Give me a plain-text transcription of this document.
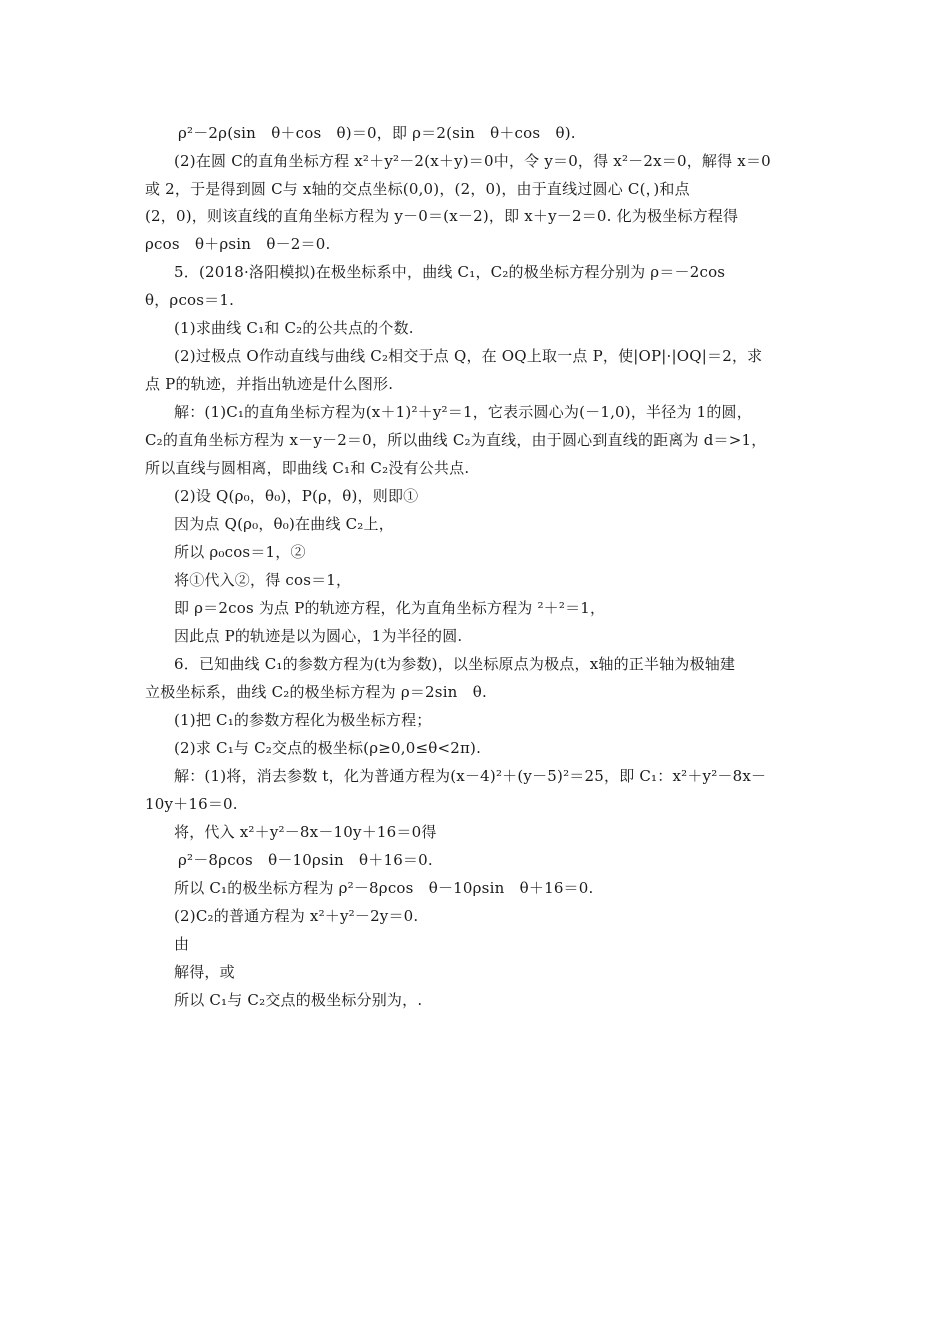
ρ²－2ρ(sin　θ＋cos　θ)＝0，即 ρ＝2(sin　θ＋cos　θ).
(2)在圆 C的直角坐标方程 x²＋y²－2(x＋y)＝0中，令 y＝0，得 x²－2x＝0，解得 x＝0
或 2，于是得到圆 C与 x轴的交点坐标(0,0)，(2，0)，由于直线过圆心 C(，)和点
(2，0)，则该直线的直角坐标方程为 y－0＝(x－2)，即 x＋y－2＝0. 化为极坐标方程得
ρcos　θ＋ρsin　θ－2＝0.
5．(2018·洛阳模拟)在极坐标系中，曲线 C₁，C₂的极坐标方程分别为 ρ＝－2cos
θ，ρcos＝1.
(1)求曲线 C₁和 C₂的公共点的个数.
(2)过极点 O作动直线与曲线 C₂相交于点 Q，在 OQ上取一点 P，使|OP|·|OQ|＝2，求
点 P的轨迹，并指出轨迹是什么图形.
解：(1)C₁的直角坐标方程为(x＋1)²＋y²＝1，它表示圆心为(－1,0)，半径为 1的圆，
C₂的直角坐标方程为 x－y－2＝0，所以曲线 C₂为直线，由于圆心到直线的距离为 d＝>1，
所以直线与圆相离，即曲线 C₁和 C₂没有公共点.
(2)设 Q(ρ₀，θ₀)，P(ρ，θ)，则即①
因为点 Q(ρ₀，θ₀)在曲线 C₂上，
所以 ρ₀cos＝1，②
将①代入②，得 cos＝1，
即 ρ＝2cos 为点 P的轨迹方程，化为直角坐标方程为 ²＋²＝1，
因此点 P的轨迹是以为圆心，1为半径的圆.
6．已知曲线 C₁的参数方程为(t为参数)，以坐标原点为极点，x轴的正半轴为极轴建
立极坐标系，曲线 C₂的极坐标方程为 ρ＝2sin　θ.
(1)把 C₁的参数方程化为极坐标方程；
(2)求 C₁与 C₂交点的极坐标(ρ≥0,0≤θ<2π).
解：(1)将，消去参数 t，化为普通方程为(x－4)²＋(y－5)²＝25，即 C₁：x²＋y²－8x－
10y＋16＝0.
将，代入 x²＋y²－8x－10y＋16＝0得
ρ²－8ρcos　θ－10ρsin　θ＋16＝0.
所以 C₁的极坐标方程为 ρ²－8ρcos　θ－10ρsin　θ＋16＝0.
(2)C₂的普通方程为 x²＋y²－2y＝0.
由
解得，或
所以 C₁与 C₂交点的极坐标分别为，.
